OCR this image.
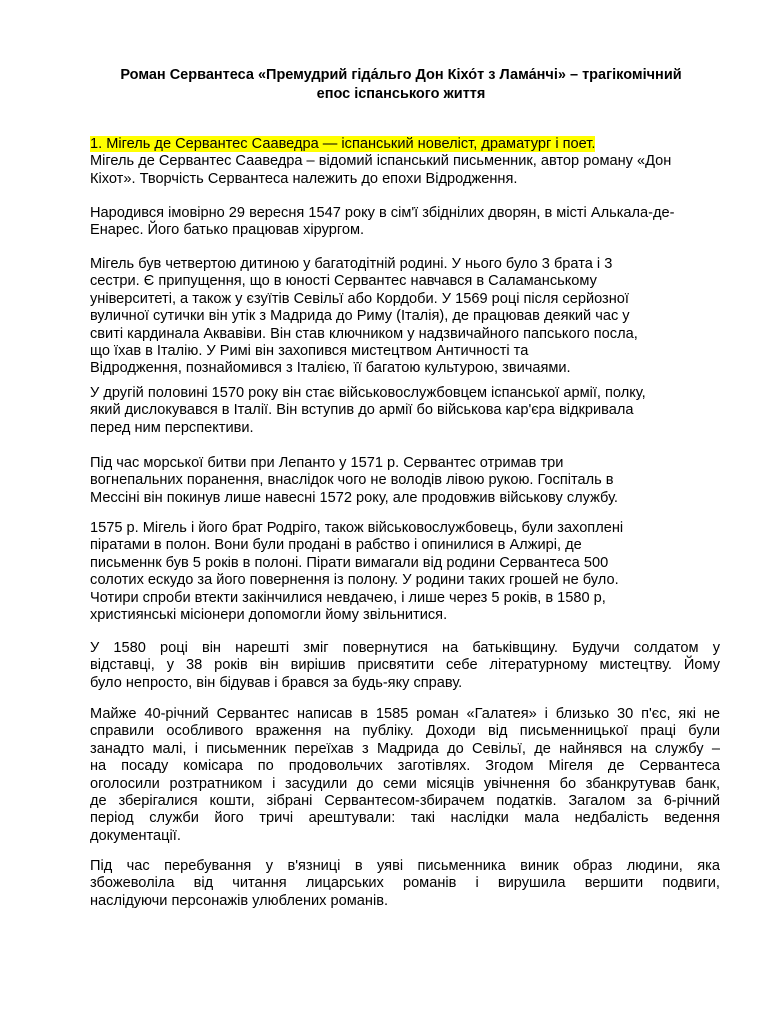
Роман Сервантеса «Премудрий гіда́льго Дон Кіхо́т з Лама́нчі» – трагікомічний
епос іспанського життя
1. Мігель де Сервантес Сааведра — іспанський новеліст, драматург і поет.
Мігель де Сервантес Сааведра – відомий іспанський письменник, автор роману «Дон
Кіхот». Творчість Сервантеса належить до епохи Відродження.
Народився імовірно 29 вересня 1547 року в сім'ї збіднілих дворян, в місті Алькала-де-
Енарес. Його батько працював хірургом.
Мігель був четвертою дитиною у багатодітній родині. У нього було 3 брата і 3
сестри. Є припущення, що в юності Сервантес навчався в Саламанському
університеті, а також у єзуїтів Севільї або Кордоби. У 1569 році після серйозної
вуличної сутички він утік з Мадрида до Риму (Італія), де працював деякий час у
свиті кардинала Аквавіви. Він став ключником у надзвичайного папського посла,
що їхав в Італію. У Римі він захопився мистецтвом Античності та
Відродження, познайомився з Італією, її багатою культурою, звичаями.
У другій половині 1570 року він стає військовослужбовцем іспанської армії, полку,
який дислокувався в Італії. Він вступив до армії бо військова кар'єра відкривала
перед ним перспективи.
Під час морської битви при Лепанто у 1571 р. Сервантес отримав три
вогнепальних поранення, внаслідок чого не володів лівою рукою. Госпіталь в
Мессіні він покинув лише навесні 1572 року, але продовжив військову службу.
1575 р. Мігель і його брат Родріго, також військовослужбовець, були захоплені
піратами в полон. Вони були продані в рабство і опинилися в Алжирі, де
письменнк був 5 років в полоні. Пірати вимагали від родини Сервантеса 500
солотих ескудо за його повернення із полону. У родини таких грошей не було.
Чотири спроби втекти закінчилися невдачею, і лише через 5 років, в 1580 р,
християнські місіонери допомогли йому звільнитися.
У 1580 році він нарешті зміг повернутися на батьківщину. Будучи солдатом у
відставці, у 38 років він вирішив присвятити себе літературному мистецтву. Йому
було непросто, він бідував і брався за будь-яку справу.
Майже 40-річний Сервантес написав в 1585 роман «Галатея» і близько 30 п'єс, які не
справили особливого враження на публіку. Доходи від письменницької праці були
занадто малі, і письменник переїхав з Мадрида до Севільї, де найнявся на службу –
на посаду комісара по продовольчих заготівлях. Згодом Мігеля де Сервантеса
оголосили розтратником і засудили до семи місяців увічнення бо збанкрутував банк,
де зберігалися кошти, зібрані Сервантесом-збирачем податків. Загалом за 6-річний
період служби його тричі арештували: такі наслідки мала недбалість ведення
документації.
Під час перебування у в'язниці в уяві письменника виник образ людини, яка
збожеволіла від читання лицарських романів і вирушила вершити подвиги,
наслідуючи персонажів улюблених романів.
